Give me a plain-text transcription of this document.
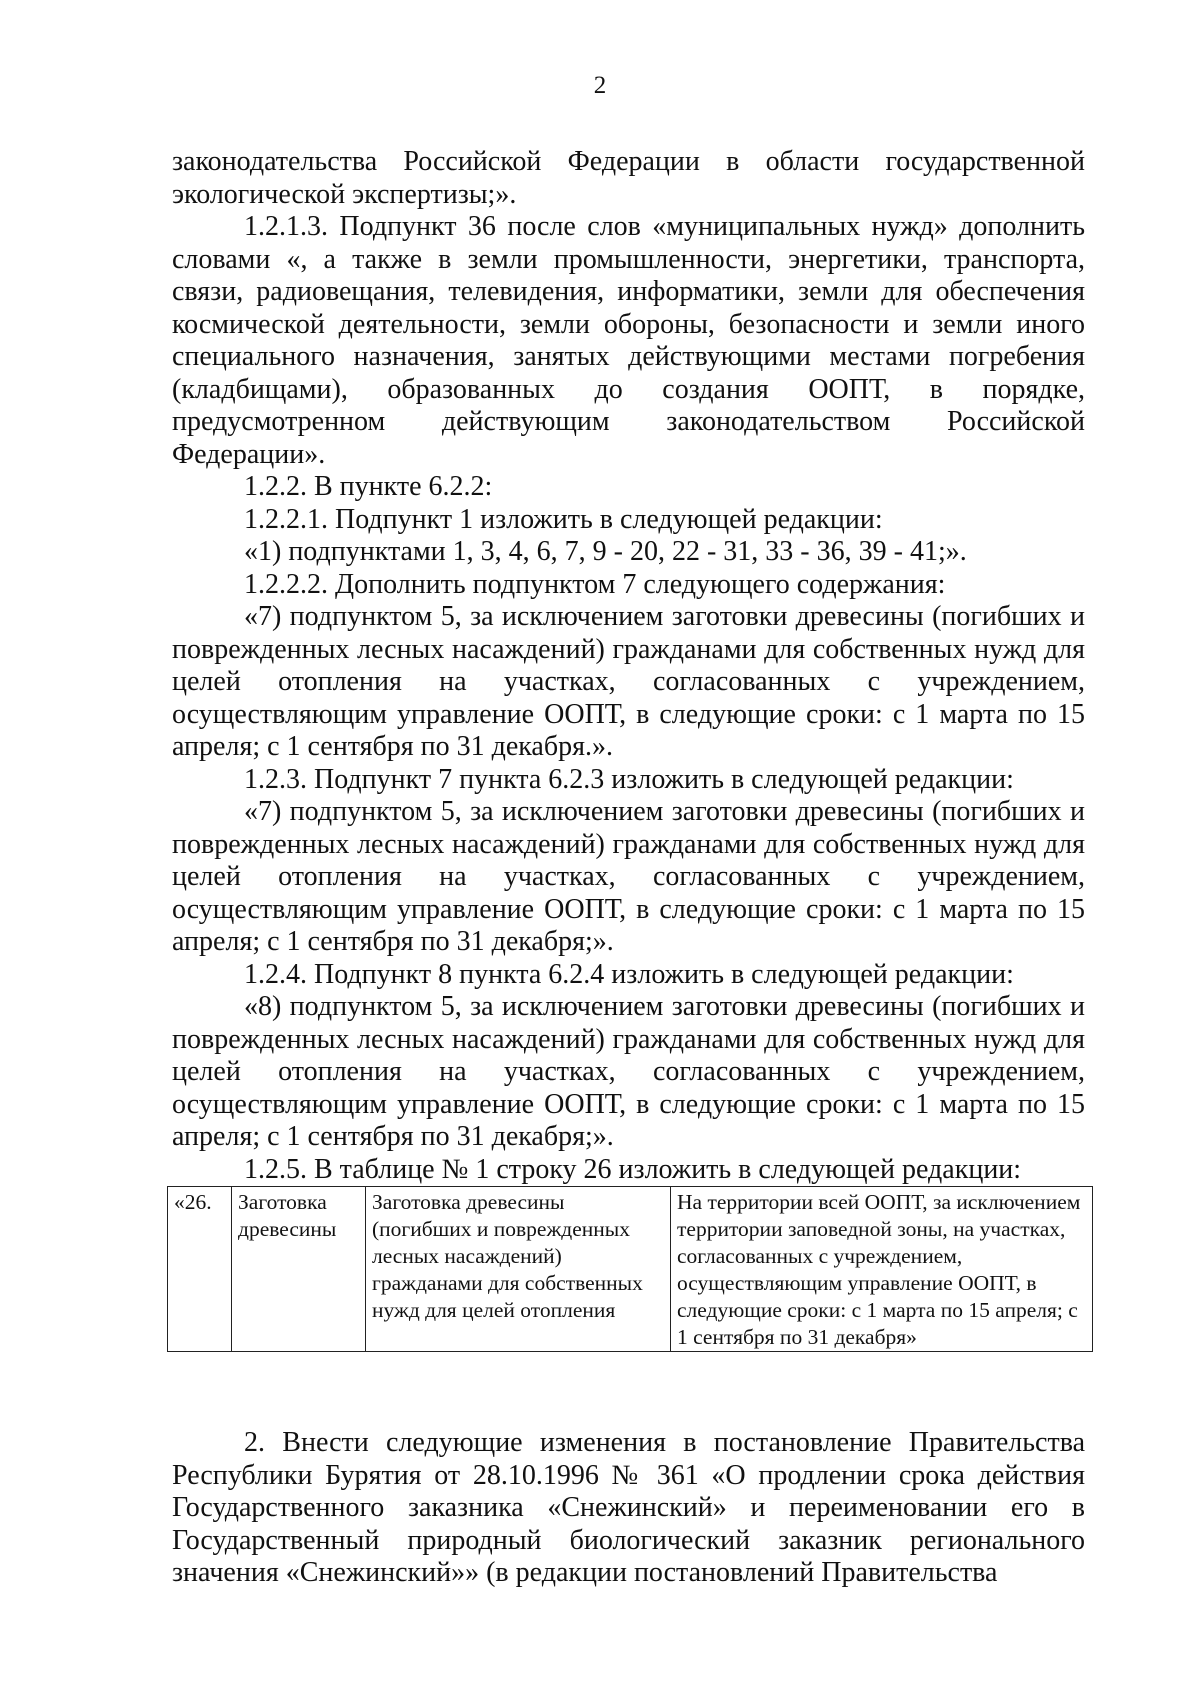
2

законодательства Российской Федерации в области государственной экологической экспертизы;».

1.2.1.3. Подпункт 36 после слов «муниципальных нужд» дополнить словами «, а также в земли промышленности, энергетики, транспорта, связи, радиовещания, телевидения, информатики, земли для обеспечения космической деятельности, земли обороны, безопасности и земли иного специального назначения, занятых действующими местами погребения (кладбищами), образованных до создания ООПТ, в порядке, предусмотренном действующим законодательством Российской Федерации».

1.2.2. В пункте 6.2.2:

1.2.2.1. Подпункт 1 изложить в следующей редакции:

«1) подпунктами 1, 3, 4, 6, 7, 9 - 20, 22 - 31, 33 - 36, 39 - 41;».

1.2.2.2. Дополнить подпунктом 7 следующего содержания:

«7) подпунктом 5, за исключением заготовки древесины (погибших и поврежденных лесных насаждений) гражданами для собственных нужд для целей отопления на участках, согласованных с учреждением, осуществляющим управление ООПТ, в следующие сроки: с 1 марта по 15 апреля; с 1 сентября по 31 декабря.».

1.2.3. Подпункт 7 пункта 6.2.3 изложить в следующей редакции:

«7) подпунктом 5, за исключением заготовки древесины (погибших и поврежденных лесных насаждений) гражданами для собственных нужд для целей отопления на участках, согласованных с учреждением, осуществляющим управление ООПТ, в следующие сроки: с 1 марта по 15 апреля; с 1 сентября по 31 декабря;».

1.2.4. Подпункт 8 пункта 6.2.4 изложить в следующей редакции:

«8) подпунктом 5, за исключением заготовки древесины (погибших и поврежденных лесных насаждений) гражданами для собственных нужд для целей отопления на участках, согласованных с учреждением, осуществляющим управление ООПТ, в следующие сроки: с 1 марта по 15 апреля; с 1 сентября по 31 декабря;».

1.2.5. В таблице № 1 строку 26 изложить в следующей редакции:

«26.	Заготовка древесины	Заготовка древесины (погибших и поврежденных лесных насаждений) гражданами для собственных нужд для целей отопления	На территории всей ООПТ, за исключением территории заповедной зоны, на участках, согласованных с учреждением, осуществляющим управление ООПТ, в следующие сроки: с 1 марта по 15 апреля; с 1 сентября по 31 декабря»

2. Внести следующие изменения в постановление Правительства Республики Бурятия от 28.10.1996 № 361 «О продлении срока действия Государственного заказника «Снежинский» и переименовании его в Государственный природный биологический заказник регионального значения «Снежинский»» (в редакции постановлений Правительства
